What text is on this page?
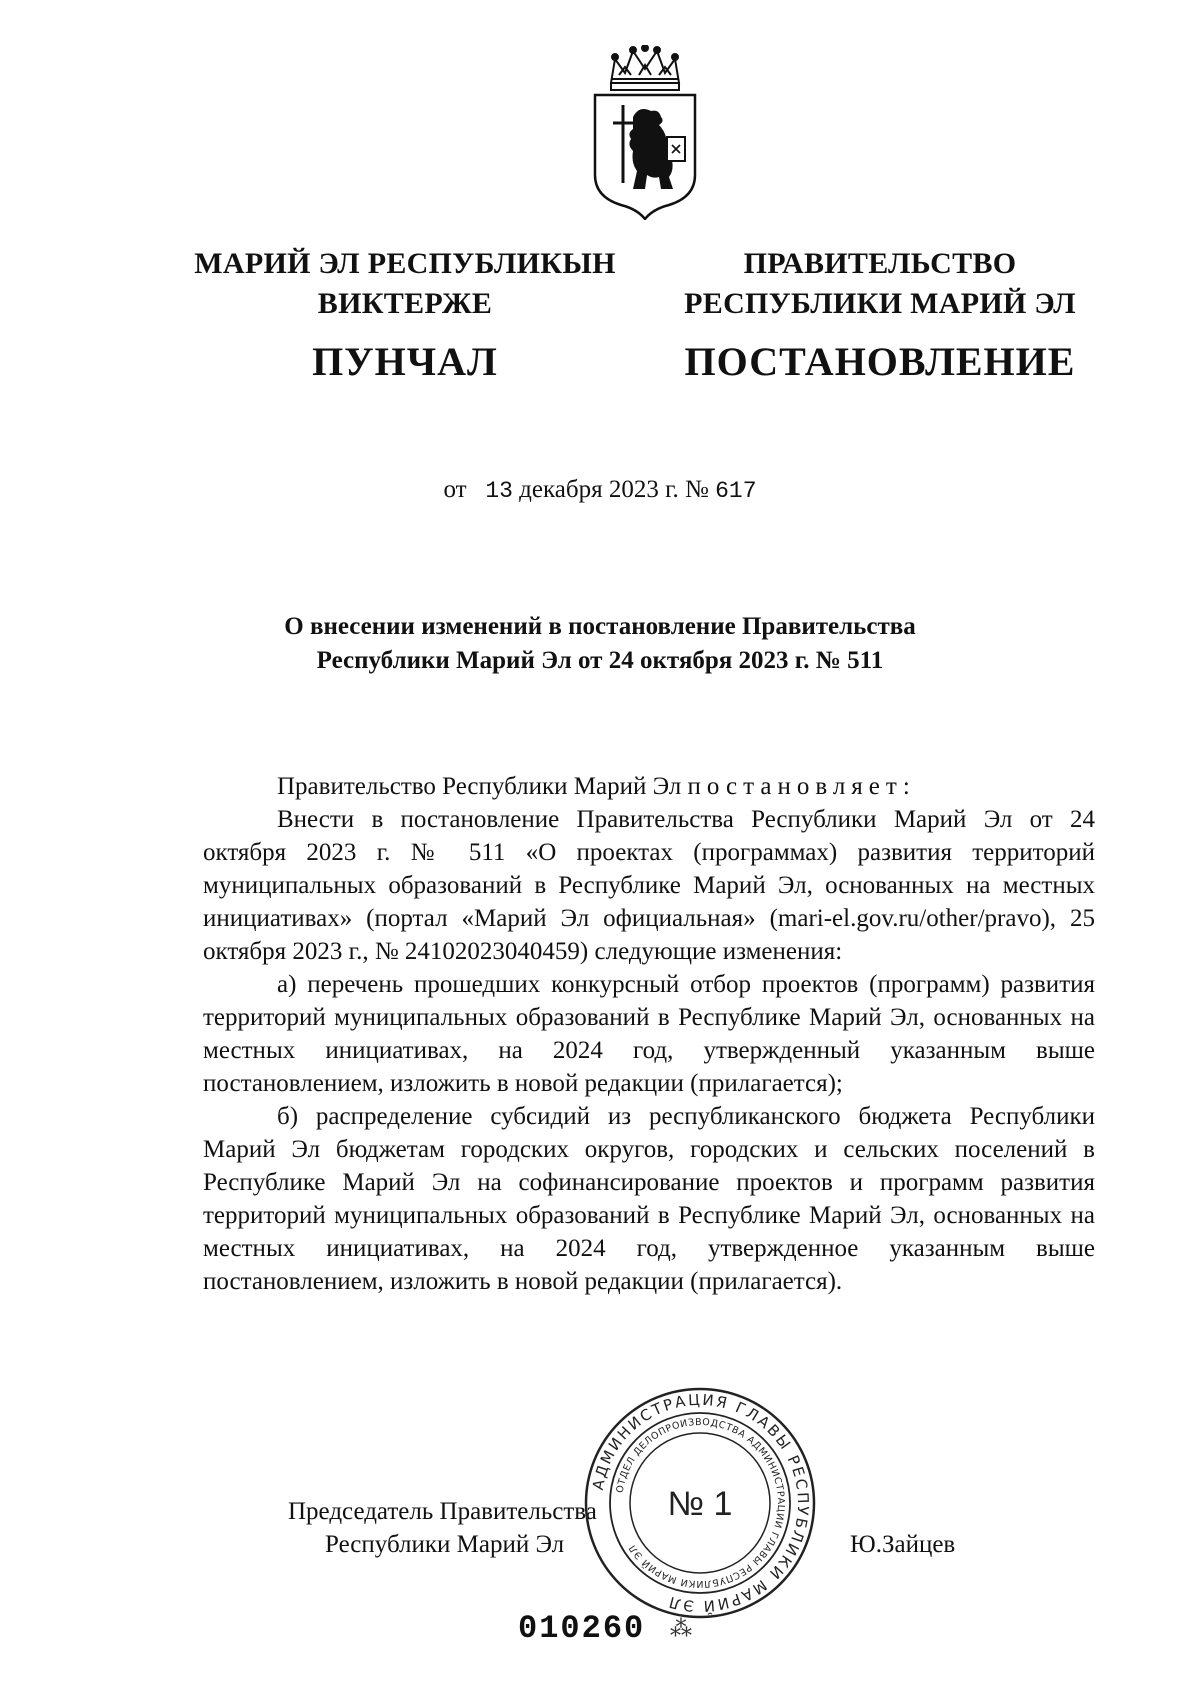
МАРИЙ ЭЛ РЕСПУБЛИКЫН
ВИКТЕРЖЕ
ПУНЧАЛ
ПРАВИТЕЛЬСТВО
РЕСПУБЛИКИ МАРИЙ ЭЛ
ПОСТАНОВЛЕНИЕ
от 13 декабря 2023 г. № 617
О внесении изменений в постановление Правительства
Республики Марий Эл от 24 октября 2023 г. № 511

Правительство Республики Марий Эл постановляет:

Внести в постановление Правительства Республики Марий Эл от 24 октября 2023 г. № 511 «О проектах (программах) развития территорий муниципальных образований в Республике Марий Эл, основанных на местных инициативах» (портал «Марий Эл официальная» (mari-el.gov.ru/other/pravo), 25 октября 2023 г., № 24102023040459) следующие изменения:

а) перечень прошедших конкурсный отбор проектов (программ) развития территорий муниципальных образований в Республике Марий Эл, основанных на местных инициативах, на 2024 год, утвержденный указанным выше постановлением, изложить в новой редакции (прилагается);

б) распределение субсидий из республиканского бюджета Республики Марий Эл бюджетам городских округов, городских и сельских поселений в Республике Марий Эл на софинансирование проектов и программ развития территорий муниципальных образований в Республике Марий Эл, основанных на местных инициативах, на 2024 год, утвержденное указанным выше постановлением, изложить в новой редакции (прилагается).

Председатель Правительства
Республики Марий Эл	Ю.Зайцев
АДМИНИСТРАЦИЯ ГЛАВЫ РЕСПУБЛИКИ МАРИЙ ЭЛ
ОТДЕЛ ДЕЛОПРОИЗВОДСТВА АДМИНИСТРАЦИИ ГЛАВЫ РЕСПУБЛИКИ МАРИЙ ЭЛ
№ 1
010260 ⁂
